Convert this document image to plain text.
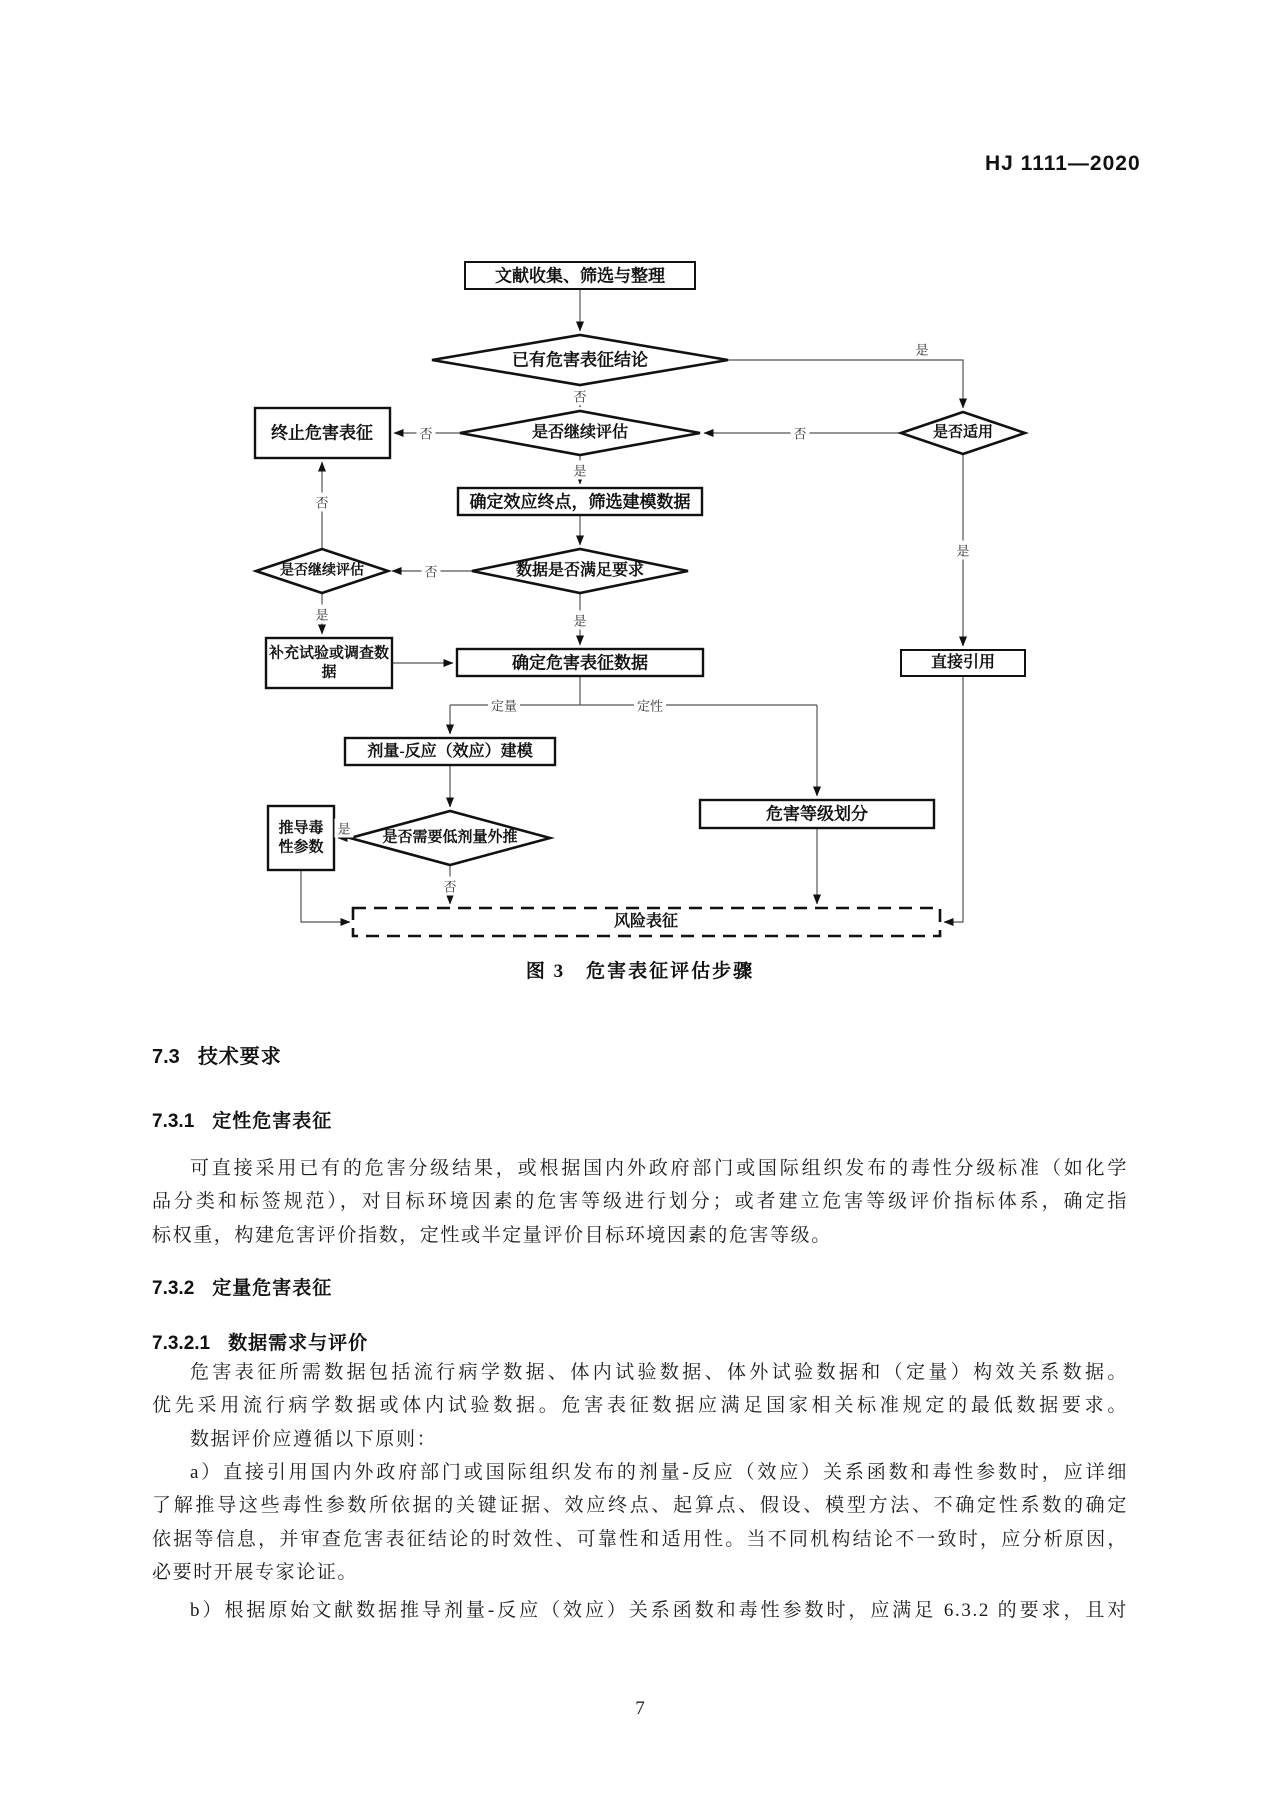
HJ 1111—2020
文献收集、筛选与整理
已有危害表征结论
终止危害表征	是否继续评估	是否适用
确定效应终点，筛选建模数据
数据是否满足要求
是否继续评估
补充试验或调查数
据	确定危害表征数据	直接引用
剂量-反应（效应）建模
是否需要低剂量外推
推导毒
性参数
危害等级划分
风险表征
否
是
否	否
是
否
否
是	是
是
定量	定性
是
否
图 3　危害表征评估步骤
7.3 技术要求
7.3.1 定性危害表征
可直接采用已有的危害分级结果，或根据国内外政府部门或国际组织发布的毒性分级标准（如化学
品分类和标签规范），对目标环境因素的危害等级进行划分；或者建立危害等级评价指标体系，确定指
标权重，构建危害评价指数，定性或半定量评价目标环境因素的危害等级。
7.3.2 定量危害表征
7.3.2.1 数据需求与评价
危害表征所需数据包括流行病学数据、体内试验数据、体外试验数据和（定量）构效关系数据。
优先采用流行病学数据或体内试验数据。危害表征数据应满足国家相关标准规定的最低数据要求。
数据评价应遵循以下原则：
a）直接引用国内外政府部门或国际组织发布的剂量-反应（效应）关系函数和毒性参数时，应详细
了解推导这些毒性参数所依据的关键证据、效应终点、起算点、假设、模型方法、不确定性系数的确定
依据等信息，并审查危害表征结论的时效性、可靠性和适用性。当不同机构结论不一致时，应分析原因，
必要时开展专家论证。
b）根据原始文献数据推导剂量-反应（效应）关系函数和毒性参数时，应满足 6.3.2 的要求，且对
7
